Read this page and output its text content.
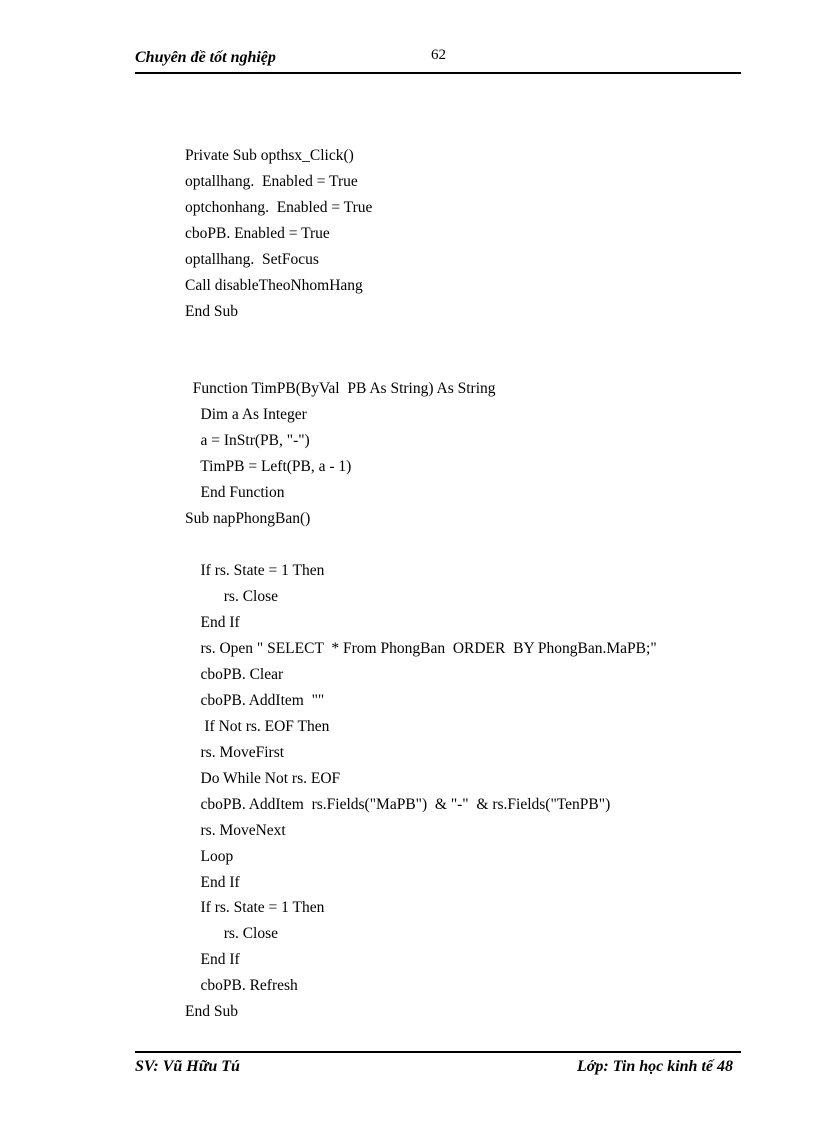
Chuyên đề tốt nghiệp	62
Private Sub opthsx_Click()
optallhang.  Enabled = True
optchonhang.  Enabled = True
cboPB. Enabled = True
optallhang.  SetFocus
Call disableTheoNhomHang
End Sub
Function TimPB(ByVal  PB As String) As String
Dim a As Integer
a = InStr(PB, "-")
TimPB = Left(PB, a - 1)
End Function
Sub napPhongBan()
If rs. State = 1 Then
rs. Close
End If
rs. Open " SELECT  * From PhongBan  ORDER  BY PhongBan.MaPB;"
cboPB. Clear
cboPB. AddItem  ""
If Not rs. EOF Then
rs. MoveFirst
Do While Not rs. EOF
cboPB. AddItem  rs.Fields("MaPB")  & "-"  & rs.Fields("TenPB")
rs. MoveNext
Loop
End If
If rs. State = 1 Then
rs. Close
End If
cboPB. Refresh
End Sub
SV: Vũ Hữu Tú	Lớp: Tin học kinh tế 48
